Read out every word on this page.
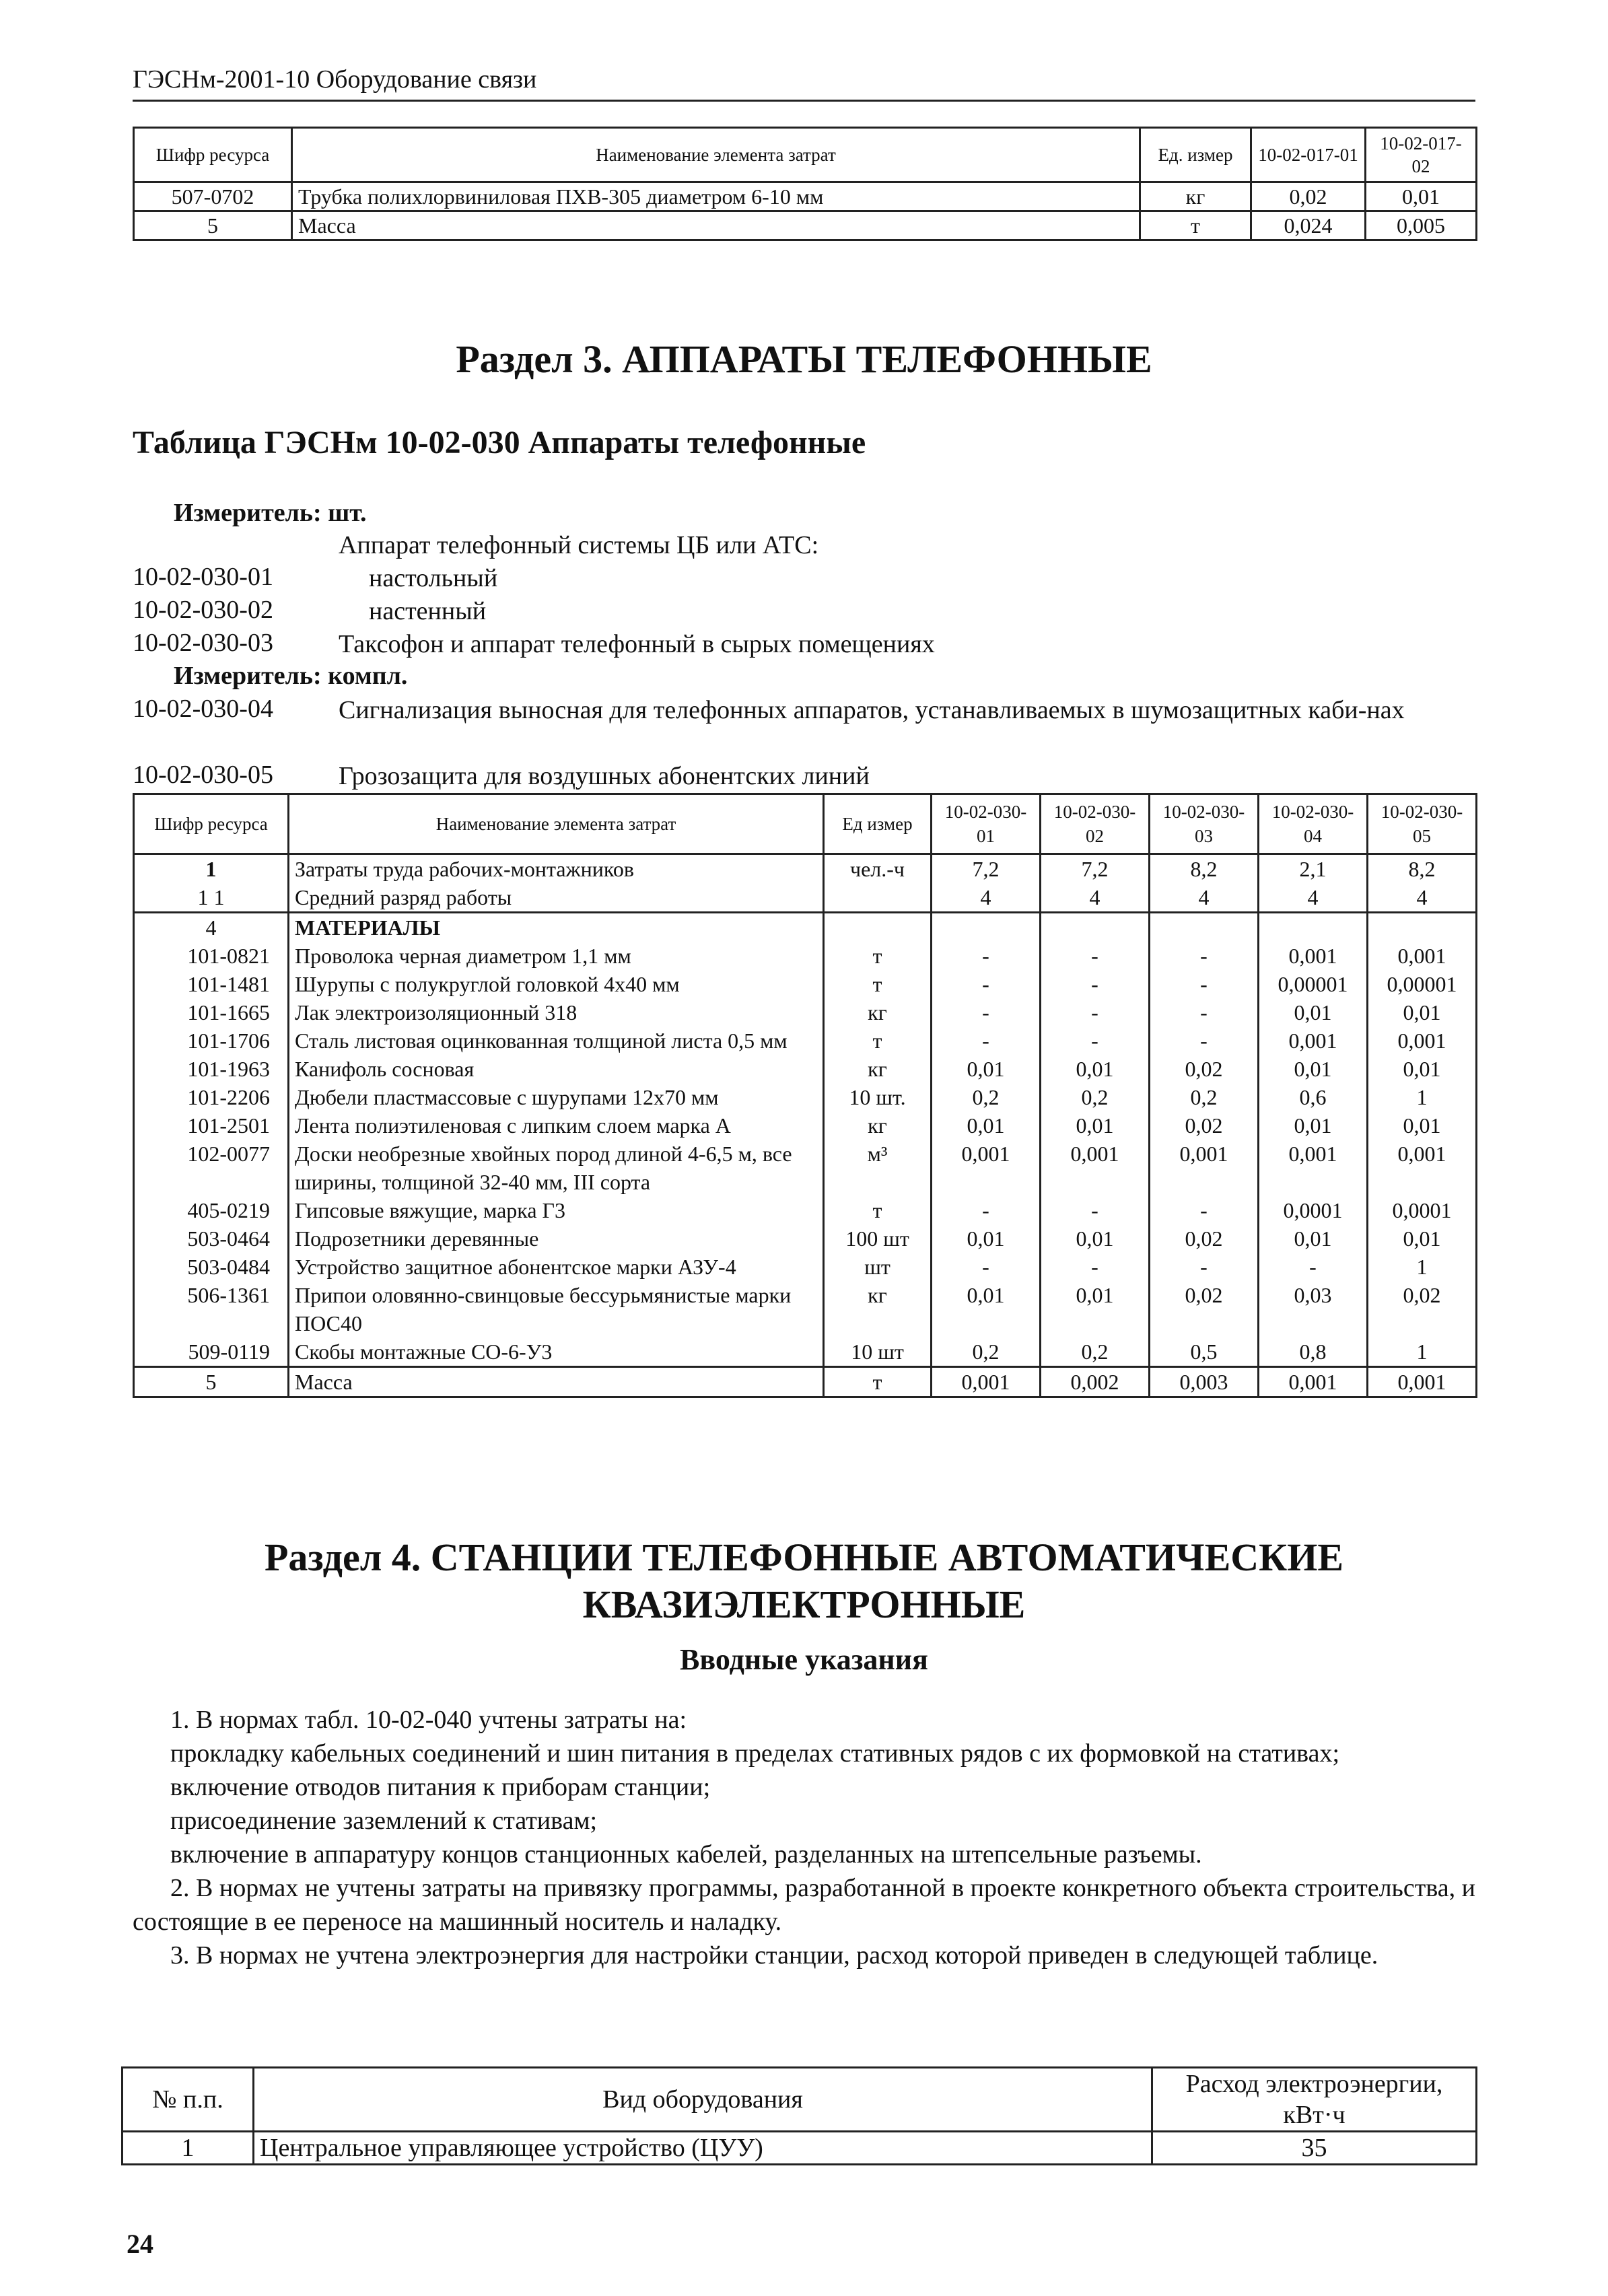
ГЭСНм-2001-10 Оборудование связи
Шифр ресурса	Наименование элемента затрат	Ед. измер	10-02-017-01	10-02-017-02
507-0702	Трубка полихлорвиниловая ПХВ-305 диаметром 6-10 мм	кг	0,02	0,01
5	Масса	т	0,024	0,005
Раздел 3. АППАРАТЫ ТЕЛЕФОННЫЕ
Таблица ГЭСНм 10-02-030 Аппараты телефонные
Измеритель: шт.
Аппарат телефонный системы ЦБ или АТС:
10-02-030-01	настольный
10-02-030-02	настенный
10-02-030-03	Таксофон и аппарат телефонный в сырых помещениях
Измеритель: компл.
10-02-030-04	Сигнализация выносная для телефонных аппаратов, устанавливаемых в шумозащитных каби-нах
10-02-030-05	Грозозащита для воздушных абонентских линий
Шифр ресурса	Наименование элемента затрат	Ед измер	10-02-030-01	10-02-030-02	10-02-030-03	10-02-030-04	10-02-030-05
1	Затраты труда рабочих-монтажников	чел.-ч	7,2	7,2	8,2	2,1	8,2
1 1	Средний разряд работы		4	4	4	4	4
4	МАТЕРИАЛЫ						
101-0821	Проволока черная диаметром 1,1 мм	т	-	-	-	0,001	0,001
101-1481	Шурупы с полукруглой головкой 4х40 мм	т	-	-	-	0,00001	0,00001
101-1665	Лак электроизоляционный 318	кг	-	-	-	0,01	0,01
101-1706	Сталь листовая оцинкованная толщиной листа 0,5 мм	т	-	-	-	0,001	0,001
101-1963	Канифоль сосновая	кг	0,01	0,01	0,02	0,01	0,01
101-2206	Дюбели пластмассовые с шурупами 12х70 мм	10 шт.	0,2	0,2	0,2	0,6	1
101-2501	Лента полиэтиленовая с липким слоем марка А	кг	0,01	0,01	0,02	0,01	0,01
102-0077	Доски необрезные хвойных пород длиной 4-6,5 м, все ширины, толщиной 32-40 мм, III сорта	м³	0,001	0,001	0,001	0,001	0,001
405-0219	Гипсовые вяжущие, марка Г3	т	-	-	-	0,0001	0,0001
503-0464	Подрозетники деревянные	100 шт	0,01	0,01	0,02	0,01	0,01
503-0484	Устройство защитное абонентское марки АЗУ-4	шт	-	-	-	-	1
506-1361	Припои оловянно-свинцовые бессурьмянистые марки ПОС40	кг	0,01	0,01	0,02	0,03	0,02
509-0119	Скобы монтажные СО-6-У3	10 шт	0,2	0,2	0,5	0,8	1
5	Масса	т	0,001	0,002	0,003	0,001	0,001
Раздел 4. СТАНЦИИ ТЕЛЕФОННЫЕ АВТОМАТИЧЕСКИЕ
КВАЗИЭЛЕКТРОННЫЕ
Вводные указания

1. В нормах табл. 10-02-040 учтены затраты на:

прокладку кабельных соединений и шин питания в пределах стативных рядов с их формовкой на стативах;

включение отводов питания к приборам станции;

присоединение заземлений к стативам;

включение в аппаратуру концов станционных кабелей, разделанных на штепсельные разъемы.

2. В нормах не учтены затраты на привязку программы, разработанной в проекте конкретного объекта строительства, и состоящие в ее переносе на машинный носитель и наладку.

3. В нормах не учтена электроэнергия для настройки станции, расход которой приведен в следующей таблице.

№ п.п.	Вид оборудования	Расход электроэнергии, кВт·ч
1	Центральное управляющее устройство (ЦУУ)	35
24
